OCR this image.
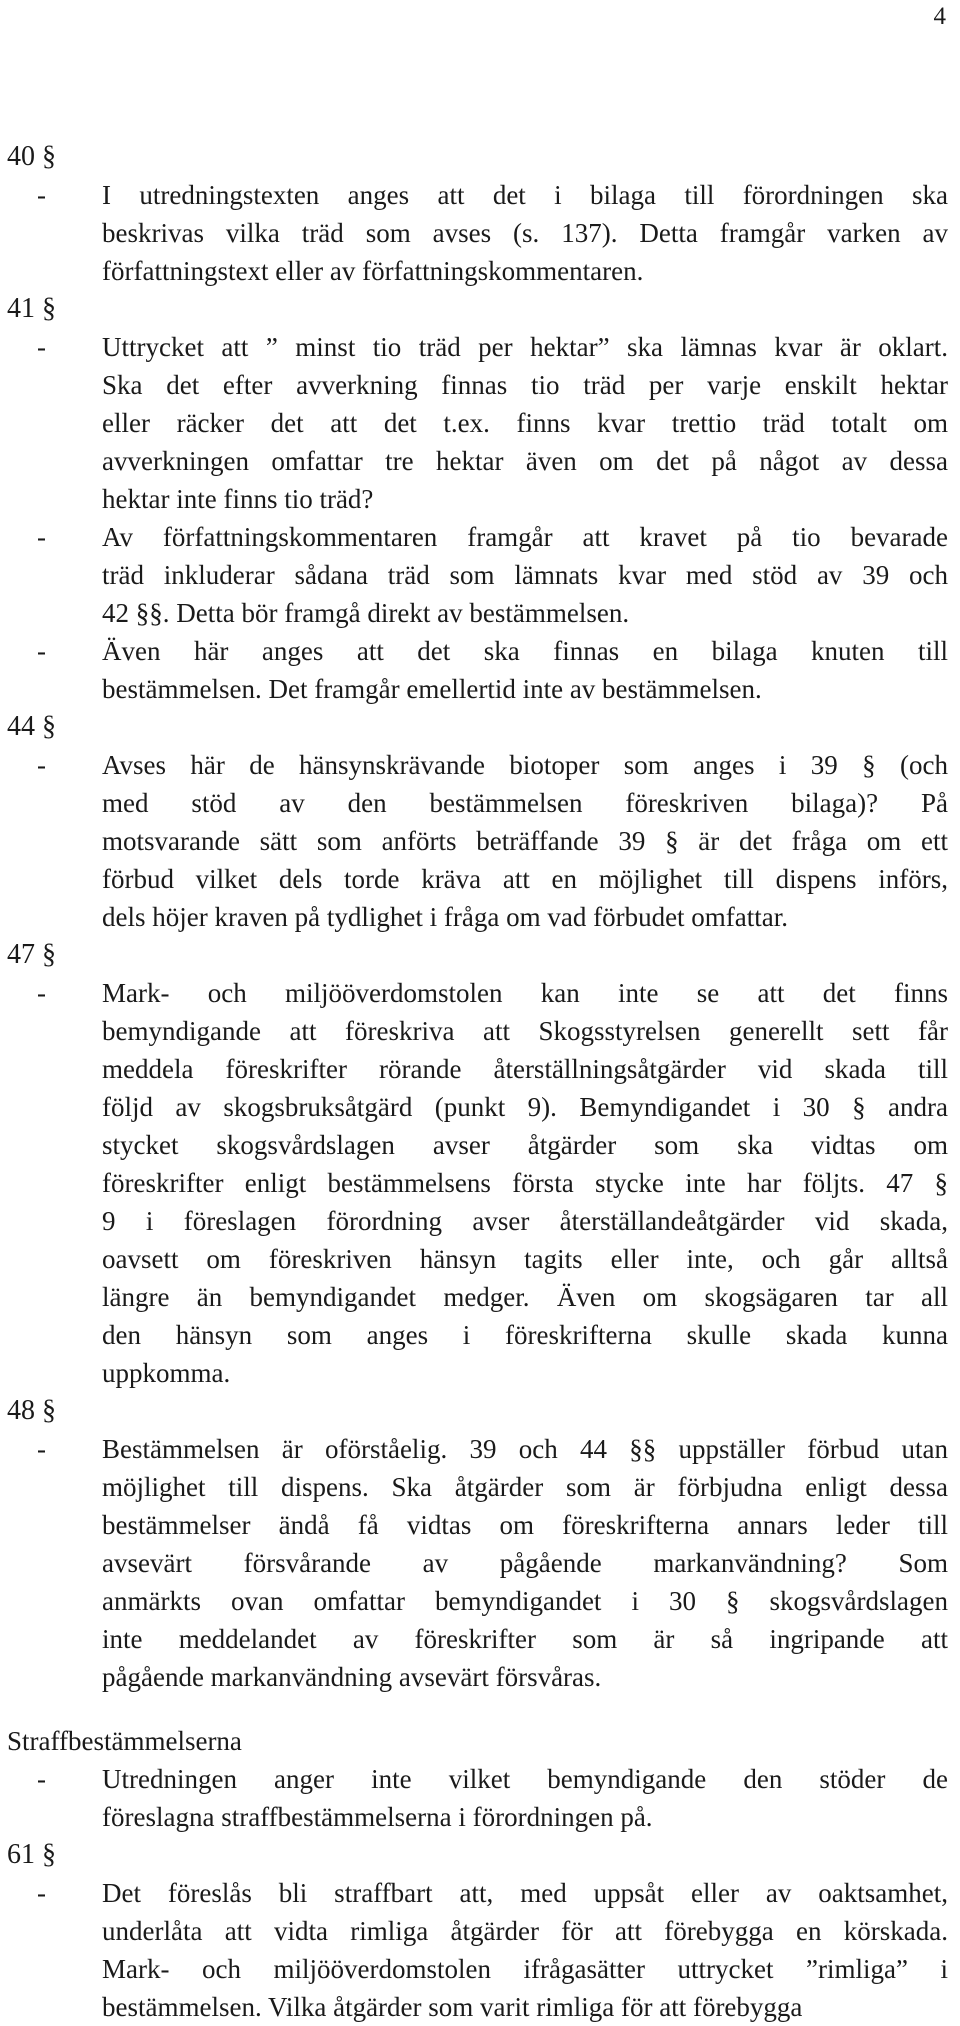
4
40 §
- I utredningstexten anges att det i bilaga till förordningen ska
beskrivas vilka träd som avses (s. 137). Detta framgår varken av
författningstext eller av författningskommentaren.
41 §
- Uttrycket att ” minst tio träd per hektar” ska lämnas kvar är oklart.
Ska det efter avverkning finnas tio träd per varje enskilt hektar
eller räcker det att det t.ex. finns kvar trettio träd totalt om
avverkningen omfattar tre hektar även om det på något av dessa
hektar inte finns tio träd?
- Av författningskommentaren framgår att kravet på tio bevarade
träd inkluderar sådana träd som lämnats kvar med stöd av 39 och
42 §§. Detta bör framgå direkt av bestämmelsen.
- Även här anges att det ska finnas en bilaga knuten till
bestämmelsen. Det framgår emellertid inte av bestämmelsen.
44 §
- Avses här de hänsynskrävande biotoper som anges i 39 § (och
med stöd av den bestämmelsen föreskriven bilaga)? På
motsvarande sätt som anförts beträffande 39 § är det fråga om ett
förbud vilket dels torde kräva att en möjlighet till dispens införs,
dels höjer kraven på tydlighet i fråga om vad förbudet omfattar.
47 §
- Mark- och miljööverdomstolen kan inte se att det finns
bemyndigande att föreskriva att Skogsstyrelsen generellt sett får
meddela föreskrifter rörande återställningsåtgärder vid skada till
följd av skogsbruksåtgärd (punkt 9). Bemyndigandet i 30 § andra
stycket skogsvårdslagen avser åtgärder som ska vidtas om
föreskrifter enligt bestämmelsens första stycke inte har följts. 47 §
9 i föreslagen förordning avser återställandeåtgärder vid skada,
oavsett om föreskriven hänsyn tagits eller inte, och går alltså
längre än bemyndigandet medger. Även om skogsägaren tar all
den hänsyn som anges i föreskrifterna skulle skada kunna
uppkomma.
48 §
- Bestämmelsen är oförståelig. 39 och 44 §§ uppställer förbud utan
möjlighet till dispens. Ska åtgärder som är förbjudna enligt dessa
bestämmelser ändå få vidtas om föreskrifterna annars leder till
avsevärt försvårande av pågående markanvändning? Som
anmärkts ovan omfattar bemyndigandet i 30 § skogsvårdslagen
inte meddelandet av föreskrifter som är så ingripande att
pågående markanvändning avsevärt försvåras.
Straffbestämmelserna
- Utredningen anger inte vilket bemyndigande den stöder de
föreslagna straffbestämmelserna i förordningen på.
61 §
- Det föreslås bli straffbart att, med uppsåt eller av oaktsamhet,
underlåta att vidta rimliga åtgärder för att förebygga en körskada.
Mark- och miljööverdomstolen ifrågasätter uttrycket ”rimliga” i
bestämmelsen. Vilka åtgärder som varit rimliga för att förebygga
